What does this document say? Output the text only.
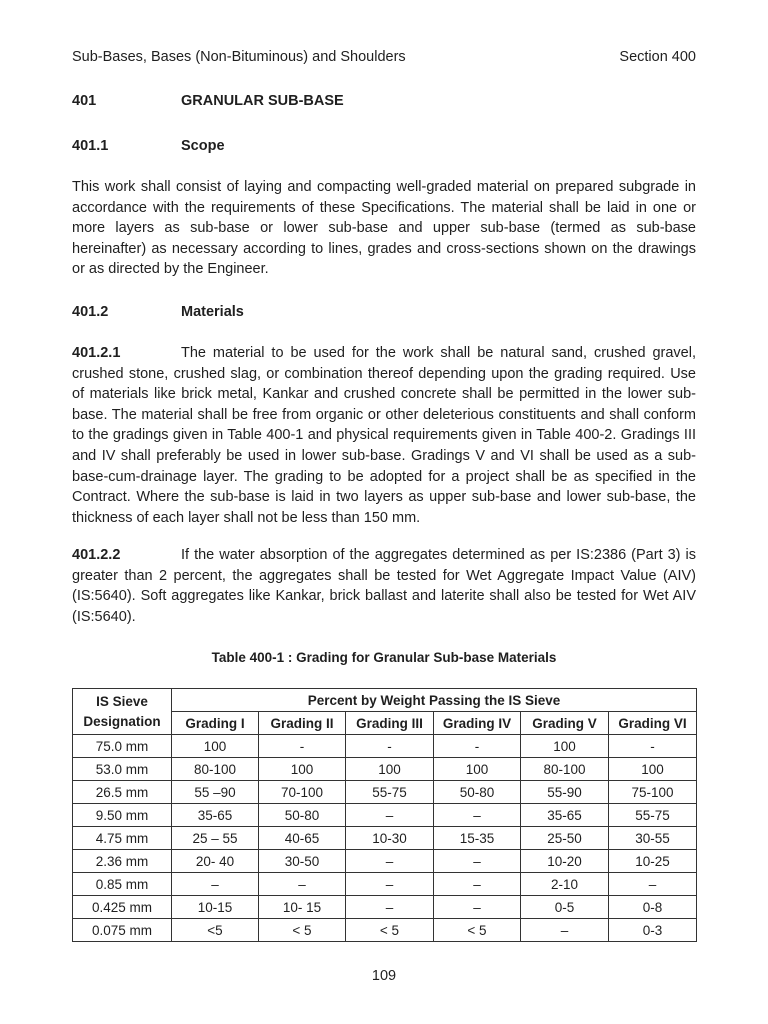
Sub-Bases, Bases (Non-Bituminous) and Shoulders	Section 400
401	GRANULAR SUB-BASE
401.1	Scope

This work shall consist of laying and compacting well-graded material on prepared subgrade in accordance with the requirements of these Specifications. The material shall be laid in one or more layers as sub-base or lower sub-base and upper sub-base (termed as sub-base hereinafter) as necessary according to lines, grades and cross-sections shown on the drawings or as directed by the Engineer.

401.2	Materials

401.2.1	The material to be used for the work shall be natural sand, crushed gravel, crushed stone, crushed slag, or combination thereof depending upon the grading required. Use of materials like brick metal, Kankar and crushed concrete shall be permitted in the lower sub-base. The material shall be free from organic or other deleterious constituents and shall conform to the gradings given in Table 400-1 and physical requirements given in Table 400-2. Gradings III and IV shall preferably be used in lower sub-base. Gradings V and VI shall be used as a sub-base-cum-drainage layer. The grading to be adopted for a project shall be as specified in the Contract. Where the sub-base is laid in two layers as upper sub-base and lower sub-base, the thickness of each layer shall not be less than 150 mm.

401.2.2	If the water absorption of the aggregates determined as per IS:2386 (Part 3) is greater than 2 percent, the aggregates shall be tested for Wet Aggregate Impact Value (AIV) (IS:5640). Soft aggregates like Kankar, brick ballast and laterite shall also be tested for Wet AIV (IS:5640).

Table 400-1 : Grading for Granular Sub-base Materials
IS Sieve
Designation	Percent by Weight Passing the IS Sieve					
	Grading I	Grading II	Grading III	Grading IV	Grading V	Grading VI
75.0 mm	100	-	-	-	100	-
53.0 mm	80-100	100	100	100	80-100	100
26.5 mm	55 –90	70-100	55-75	50-80	55-90	75-100
9.50 mm	35-65	50-80	–	–	35-65	55-75
4.75 mm	25 – 55	40-65	10-30	15-35	25-50	30-55
2.36 mm	20- 40	30-50	–	–	10-20	10-25
0.85 mm	–	–	–	–	2-10	–
0.425 mm	10-15	10- 15	–	–	0-5	0-8
0.075 mm	<5	< 5	< 5	< 5	–	0-3
109
